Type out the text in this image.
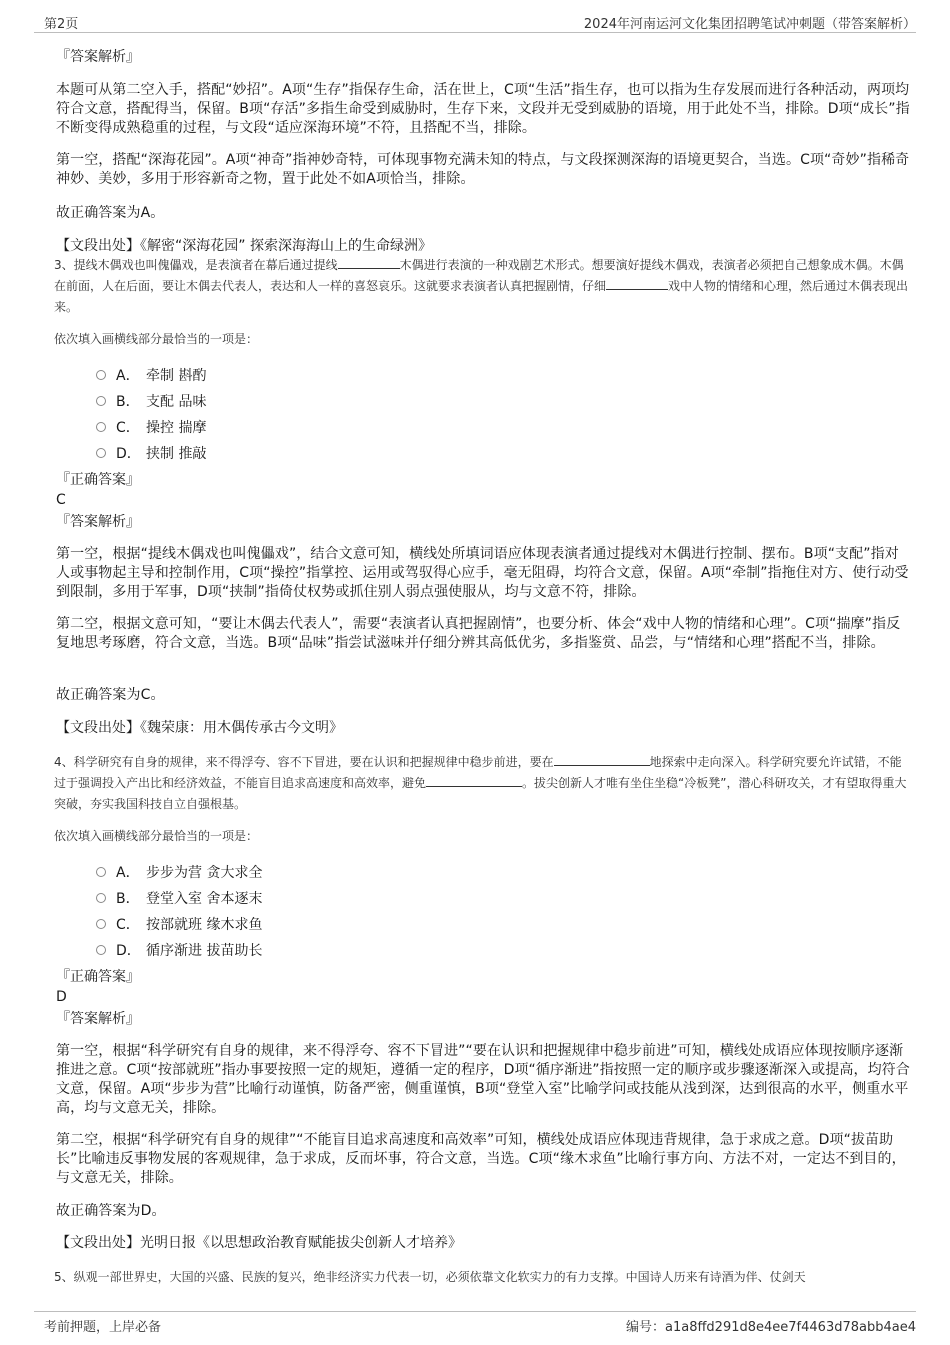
第2页	2024年河南运河文化集团招聘笔试冲刺题（带答案解析）
『答案解析』
本题可从第二空入手，搭配“妙招”。A项“生存”指保存生命，活在世上，C项“生活”指生存，也可以指为生存发展而进行各种活动，两项均符合文意，搭配得当，保留。B项“存活”多指生命受到威胁时，生存下来，文段并无受到威胁的语境，用于此处不当，排除。D项“成长”指不断变得成熟稳重的过程，与文段“适应深海环境”不符，且搭配不当，排除。
第一空，搭配“深海花园”。A项“神奇”指神妙奇特，可体现事物充满未知的特点，与文段探测深海的语境更契合，当选。C项“奇妙”指稀奇神妙、美妙，多用于形容新奇之物，置于此处不如A项恰当，排除。
故正确答案为A。
【文段出处】《解密“深海花园” 探索深海海山上的生命绿洲》
3、提线木偶戏也叫傀儡戏，是表演者在幕后通过提线	木偶进行表演的一种戏剧艺术形式。想要演好提线木偶戏，表演者必须把自己想象成木偶。木偶在前面，人在后面，要让木偶去代表人，表达和人一样的喜怒哀乐。这就要求表演者认真把握剧情，仔细	戏中人物的情绪和心理，然后通过木偶表现出来。
依次填入画横线部分最恰当的一项是：
A． 牵制 斟酌
B． 支配 品味
C． 操控 揣摩
D． 挟制 推敲
『正确答案』
C
『答案解析』
第一空，根据“提线木偶戏也叫傀儡戏”，结合文意可知，横线处所填词语应体现表演者通过提线对木偶进行控制、摆布。B项“支配”指对人或事物起主导和控制作用，C项“操控”指掌控、运用或驾驭得心应手，毫无阻碍，均符合文意，保留。A项“牵制”指拖住对方、使行动受到限制，多用于军事，D项“挟制”指倚仗权势或抓住别人弱点强使服从，均与文意不符，排除。
第二空，根据文意可知，“要让木偶去代表人”，需要“表演者认真把握剧情”，也要分析、体会“戏中人物的情绪和心理”。C项“揣摩”指反复地思考琢磨，符合文意，当选。B项“品味”指尝试滋味并仔细分辨其高低优劣，多指鉴赏、品尝，与“情绪和心理”搭配不当，排除。
故正确答案为C。
【文段出处】《魏荣康：用木偶传承古今文明》
4、科学研究有自身的规律，来不得浮夸、容不下冒进，要在认识和把握规律中稳步前进，要在	地探索中走向深入。科学研究要允许试错，不能过于强调投入产出比和经济效益，不能盲目追求高速度和高效率，避免	。拔尖创新人才唯有坐住坐稳“冷板凳”，潜心科研攻关，才有望取得重大突破，夯实我国科技自立自强根基。
依次填入画横线部分最恰当的一项是：
A． 步步为营 贪大求全
B． 登堂入室 舍本逐末
C． 按部就班 缘木求鱼
D． 循序渐进 拔苗助长
『正确答案』
D
『答案解析』
第一空，根据“科学研究有自身的规律，来不得浮夸、容不下冒进”“要在认识和把握规律中稳步前进”可知，横线处成语应体现按顺序逐渐推进之意。C项“按部就班”指办事要按照一定的规矩，遵循一定的程序，D项“循序渐进”指按照一定的顺序或步骤逐渐深入或提高，均符合文意，保留。A项“步步为营”比喻行动谨慎，防备严密，侧重谨慎，B项“登堂入室”比喻学问或技能从浅到深，达到很高的水平，侧重水平高，均与文意无关，排除。
第二空，根据“科学研究有自身的规律”“不能盲目追求高速度和高效率”可知，横线处成语应体现违背规律，急于求成之意。D项“拔苗助长”比喻违反事物发展的客观规律，急于求成，反而坏事，符合文意，当选。C项“缘木求鱼”比喻行事方向、方法不对，一定达不到目的，与文意无关，排除。
故正确答案为D。
【文段出处】光明日报《以思想政治教育赋能拔尖创新人才培养》
5、纵观一部世界史，大国的兴盛、民族的复兴，绝非经济实力代表一切，必须依靠文化软实力的有力支撑。中国诗人历来有诗酒为伴、仗剑天
考前押题，上岸必备	编号：a1a8ffd291d8e4ee7f4463d78abb4ae4
